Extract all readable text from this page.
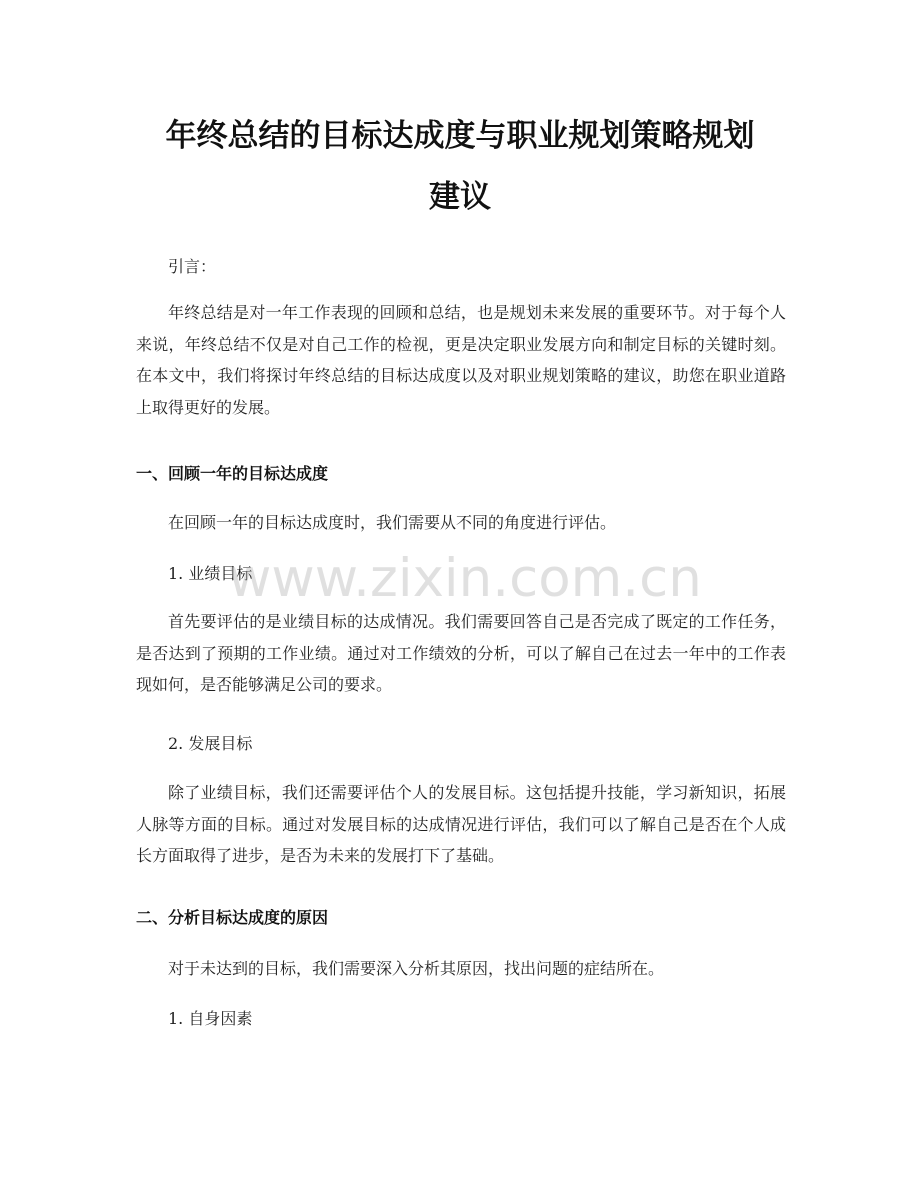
年终总结的目标达成度与职业规划策略规划
建议

引言：

年终总结是对一年工作表现的回顾和总结，也是规划未来发展的重要环节。对于每个人来说，年终总结不仅是对自己工作的检视，更是决定职业发展方向和制定目标的关键时刻。在本文中，我们将探讨年终总结的目标达成度以及对职业规划策略的建议，助您在职业道路上取得更好的发展。

一、回顾一年的目标达成度

在回顾一年的目标达成度时，我们需要从不同的角度进行评估。

1. 业绩目标

首先要评估的是业绩目标的达成情况。我们需要回答自己是否完成了既定的工作任务，是否达到了预期的工作业绩。通过对工作绩效的分析，可以了解自己在过去一年中的工作表现如何，是否能够满足公司的要求。

2. 发展目标

除了业绩目标，我们还需要评估个人的发展目标。这包括提升技能，学习新知识，拓展人脉等方面的目标。通过对发展目标的达成情况进行评估，我们可以了解自己是否在个人成长方面取得了进步，是否为未来的发展打下了基础。

二、分析目标达成度的原因

对于未达到的目标，我们需要深入分析其原因，找出问题的症结所在。

1. 自身因素

www.zixin.com.cn
